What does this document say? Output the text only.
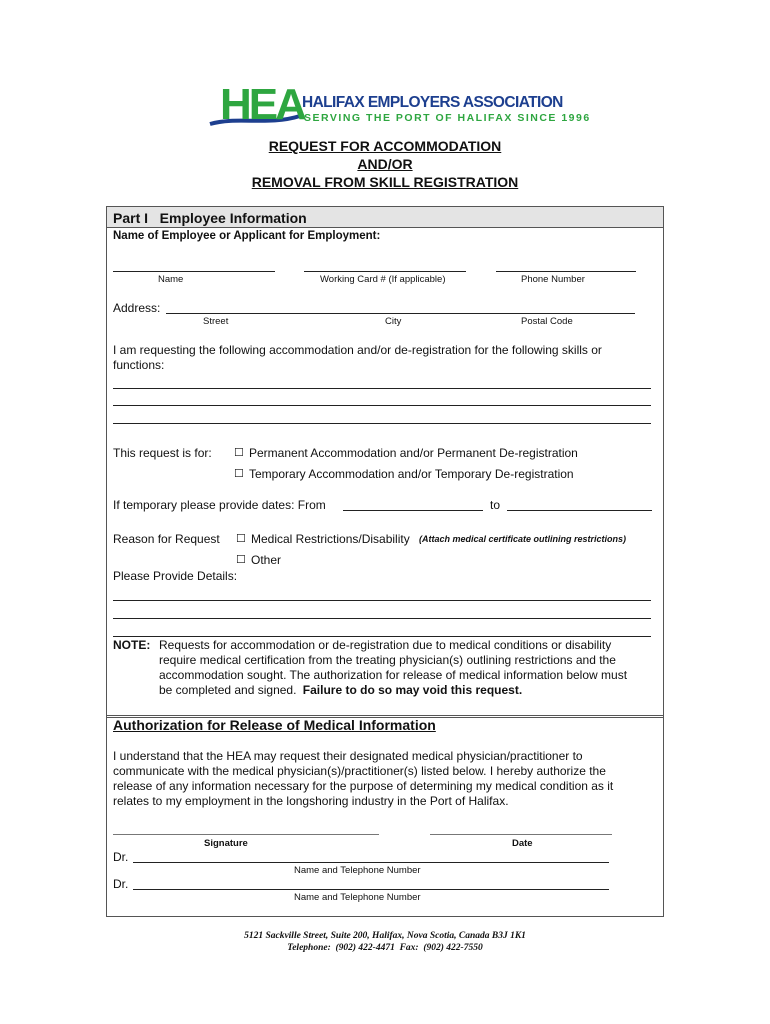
HEA
HALIFAX EMPLOYERS ASSOCIATION
SERVING THE PORT OF HALIFAX SINCE 1996
REQUEST FOR ACCOMMODATION
AND/OR
REMOVAL FROM SKILL REGISTRATION
Part I   Employee Information
Name of Employee or Applicant for Employment:
Name	Working Card # (If applicable)	Phone Number
Address:
Street	City	Postal Code
I am requesting the following accommodation and/or de-registration for the following skills or
functions:
This request is for: ☐ Permanent Accommodation and/or Permanent De-registration
☐ Temporary Accommodation and/or Temporary De-registration
If temporary please provide dates: From	to
Reason for Request ☐ Medical Restrictions/Disability (Attach medical certificate outlining restrictions)
☐ Other
Please Provide Details:
NOTE: Requests for accommodation or de-registration due to medical conditions or disability
require medical certification from the treating physician(s) outlining restrictions and the
accommodation sought. The authorization for release of medical information below must
be completed and signed. Failure to do so may void this request.
Authorization for Release of Medical Information
I understand that the HEA may request their designated medical physician/practitioner to
communicate with the medical physician(s)/practitioner(s) listed below. I hereby authorize the
release of any information necessary for the purpose of determining my medical condition as it
relates to my employment in the longshoring industry in the Port of Halifax.
Signature	Date
Dr.
Name and Telephone Number
Dr.
Name and Telephone Number
5121 Sackville Street, Suite 200, Halifax, Nova Scotia, Canada B3J 1K1
Telephone:  (902) 422-4471  Fax:  (902) 422-7550
